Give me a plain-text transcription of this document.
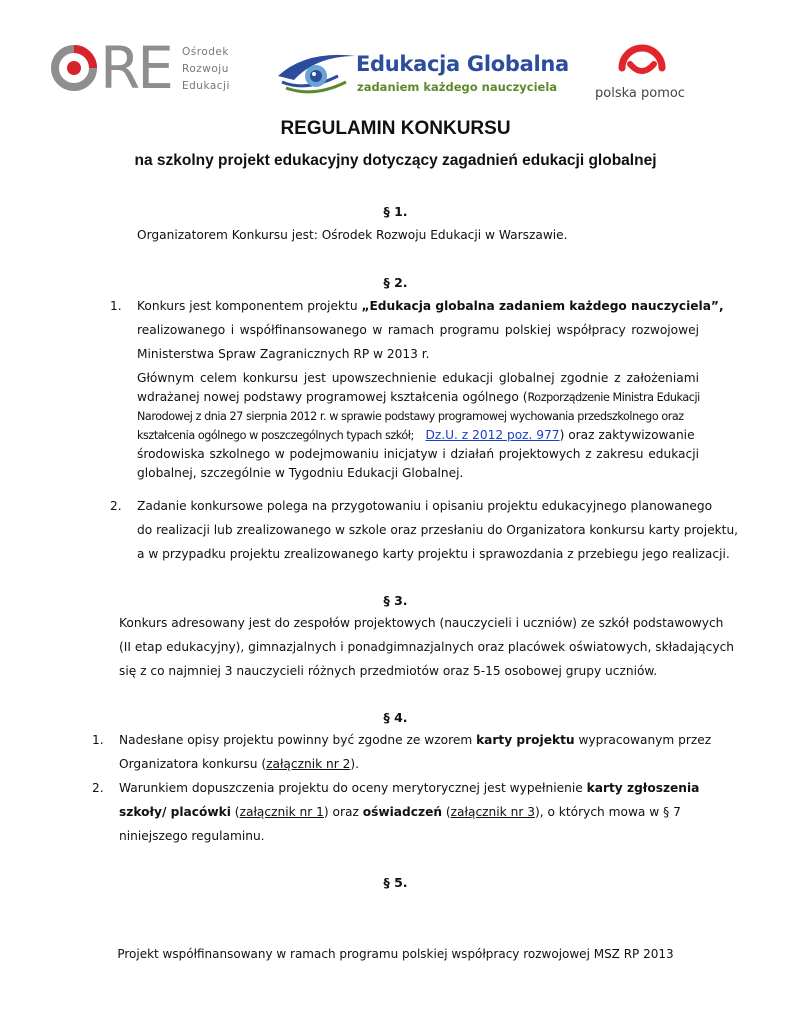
RE Ośrodek
Rozwoju
Edukacji
Edukacja Globalna
zadaniem każdego nauczyciela	polska pomoc
REGULAMIN KONKURSU
na szkolny projekt edukacyjny dotyczący zagadnień edukacji globalnej
§ 1.
Organizatorem Konkursu jest: Ośrodek Rozwoju Edukacji w Warszawie.
§ 2.
1. Konkurs jest komponentem projektu „Edukacja globalna zadaniem każdego nauczyciela”,
realizowanego i współfinansowanego w ramach programu polskiej współpracy rozwojowej
Ministerstwa Spraw Zagranicznych RP w 2013 r.
Głównym celem konkursu jest upowszechnienie edukacji globalnej zgodnie z założeniami
wdrażanej nowej podstawy programowej kształcenia ogólnego (Rozporządzenie Ministra Edukacji
Narodowej z dnia 27 sierpnia 2012 r. w sprawie podstawy programowej wychowania przedszkolnego oraz
kształcenia ogólnego w poszczególnych typach szkół; Dz.U. z 2012 poz. 977) oraz zaktywizowanie
środowiska szkolnego w podejmowaniu inicjatyw i działań projektowych z zakresu edukacji
globalnej, szczególnie w Tygodniu Edukacji Globalnej.
2. Zadanie konkursowe polega na przygotowaniu i opisaniu projektu edukacyjnego planowanego
do realizacji lub zrealizowanego w szkole oraz przesłaniu do Organizatora konkursu karty projektu,
a w przypadku projektu zrealizowanego karty projektu i sprawozdania z przebiegu jego realizacji.
§ 3.
Konkurs adresowany jest do zespołów projektowych (nauczycieli i uczniów) ze szkół podstawowych
(II etap edukacyjny), gimnazjalnych i ponadgimnazjalnych oraz placówek oświatowych, składających
się z co najmniej 3 nauczycieli różnych przedmiotów oraz 5-15 osobowej grupy uczniów.
§ 4.
1. Nadesłane opisy projektu powinny być zgodne ze wzorem karty projektu wypracowanym przez
Organizatora konkursu (załącznik nr 2).
2. Warunkiem dopuszczenia projektu do oceny merytorycznej jest wypełnienie karty zgłoszenia
szkoły/ placówki (załącznik nr 1) oraz oświadczeń (załącznik nr 3), o których mowa w § 7
niniejszego regulaminu.
§ 5.
Projekt współfinansowany w ramach programu polskiej współpracy rozwojowej MSZ RP 2013
